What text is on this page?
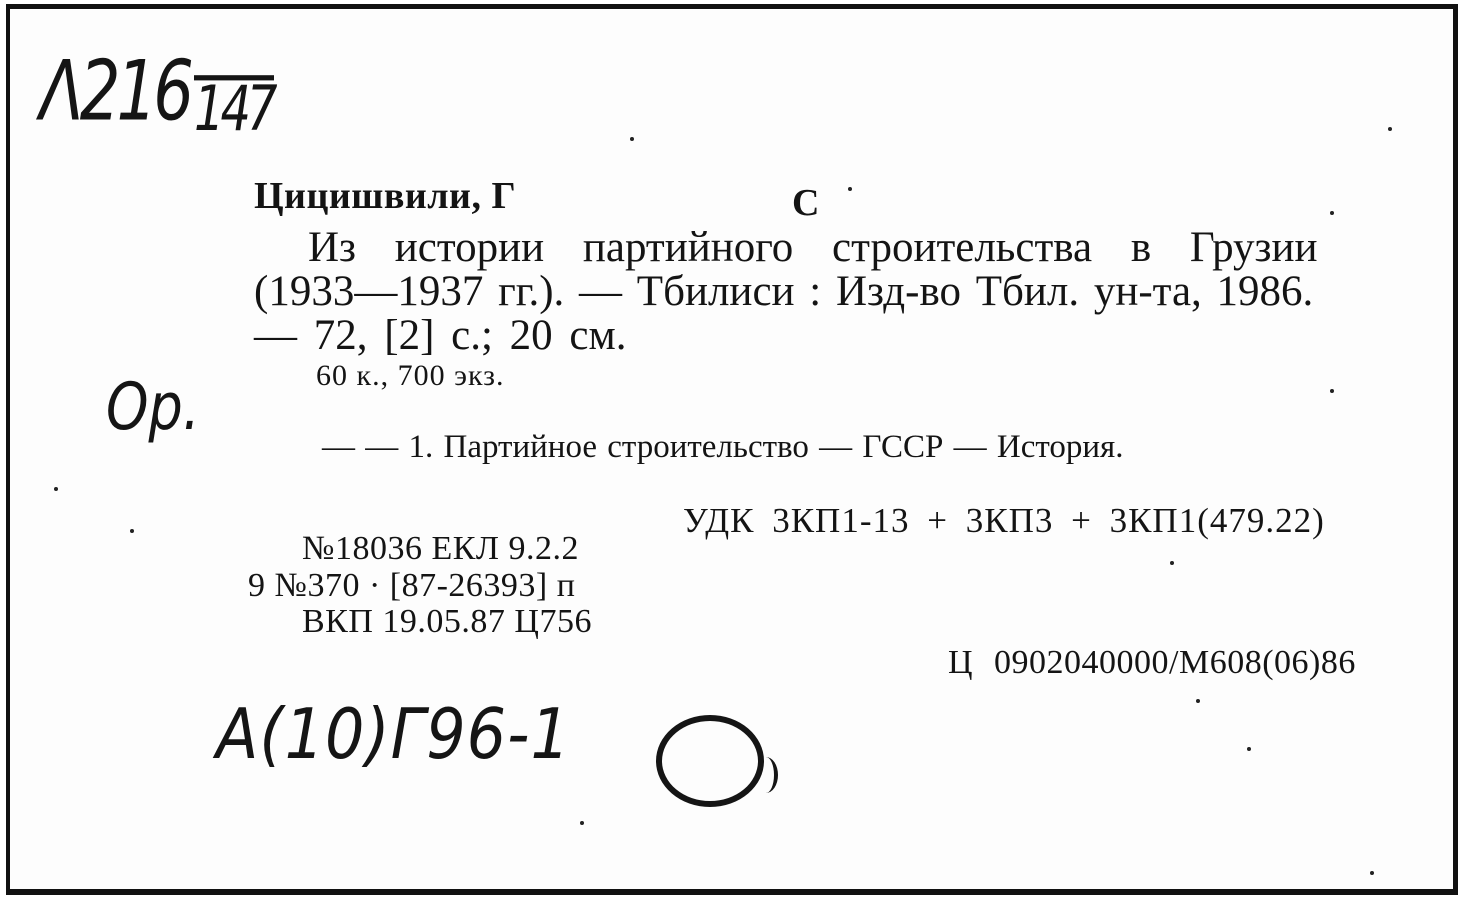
Λ216147
Оp.
Цицишвили, Г	С
Из истории партийного строительства в Грузии
(1933—1937 гг.). — Тбилиси : Изд-во Тбил. ун-та, 1986.
— 72, [2] с.; 20 см.
60 к., 700 экз.
— — 1. Партийное строительство — ГССР — История.
УДК 3КП1-13 + 3КП3 + 3КП1(479.22)
№18036 ЕКЛ 9.2.2
9 №370 · [87-26393] п
ВКП 19.05.87 Ц756
Ц 0902040000/М608(06)86
A(10)Г96-1
